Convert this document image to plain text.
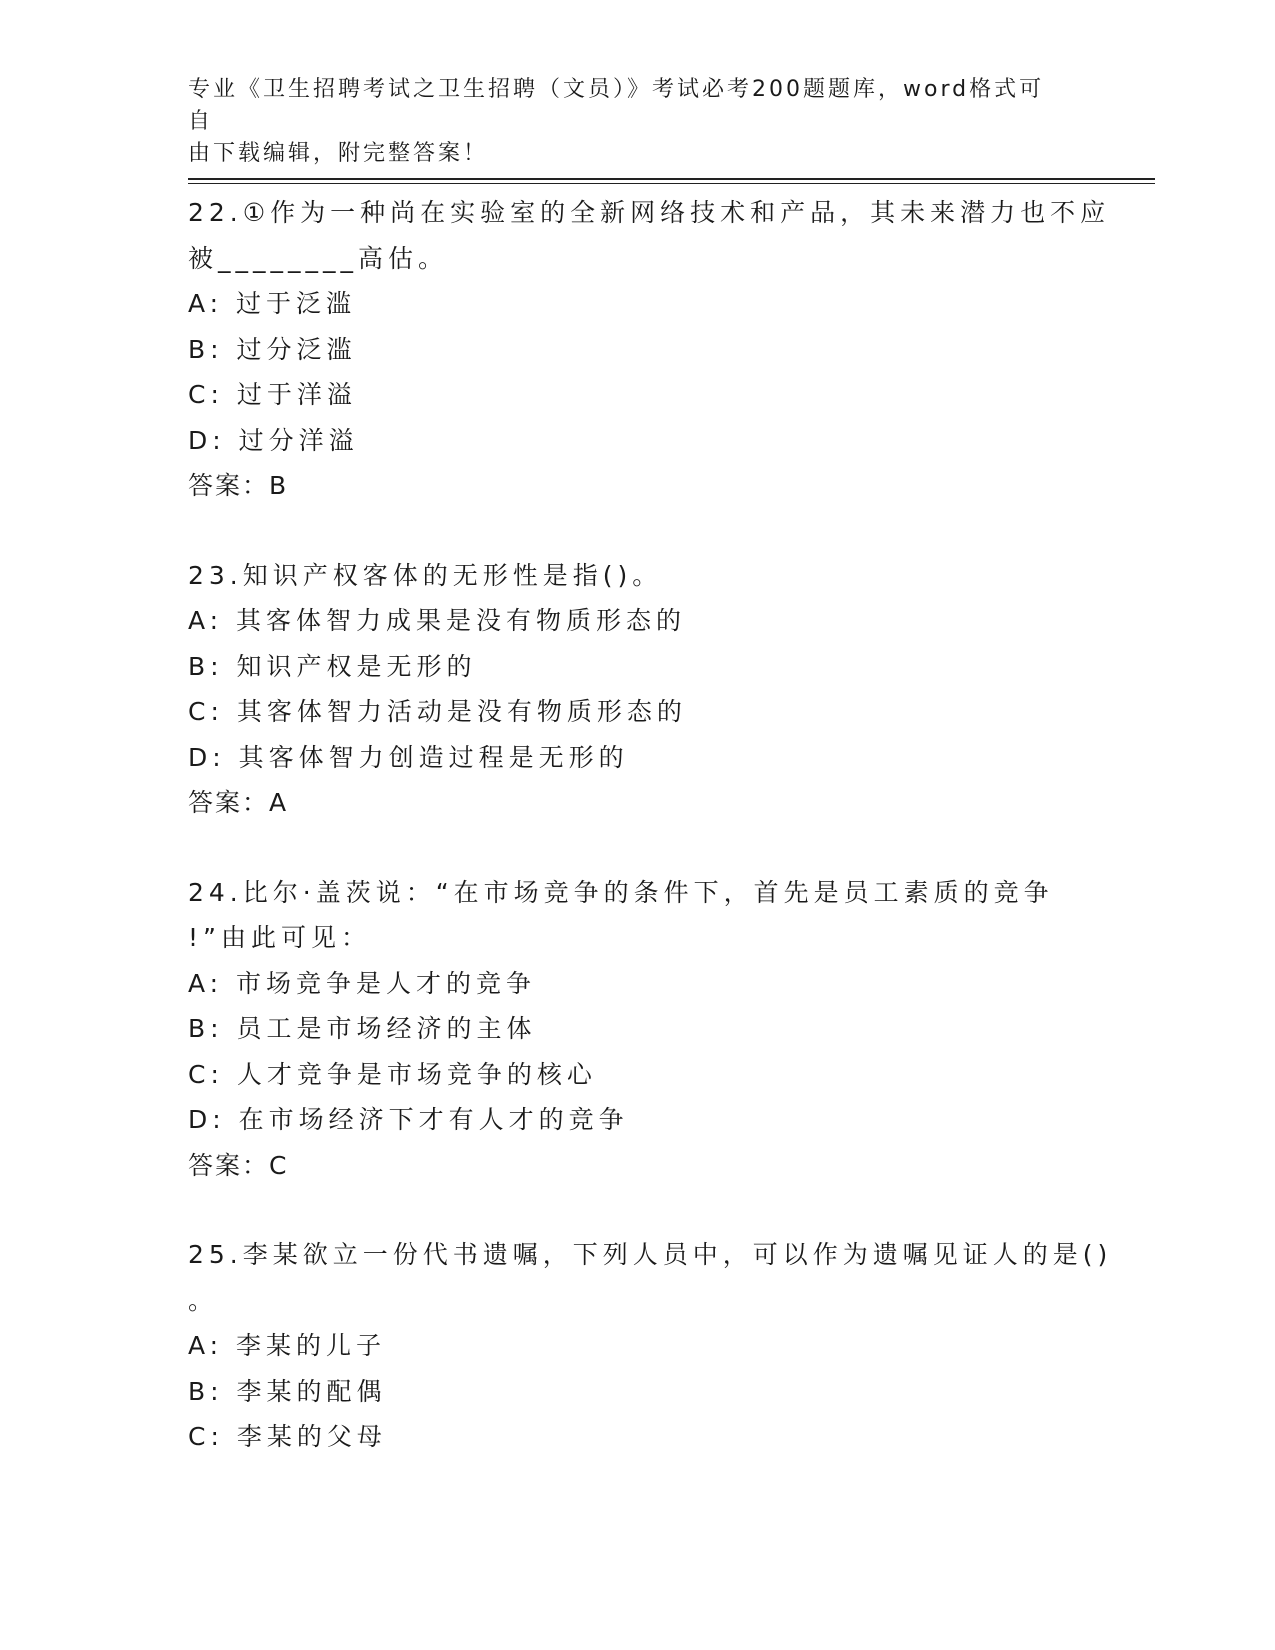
专业《卫生招聘考试之卫生招聘（文员）》考试必考200题题库，word格式可自
由下载编辑，附完整答案！
22.①作为一种尚在实验室的全新网络技术和产品，其未来潜力也不应
被________高估。
A: 过于泛滥
B: 过分泛滥
C: 过于洋溢
D: 过分洋溢
答案：B
23.知识产权客体的无形性是指()。
A: 其客体智力成果是没有物质形态的
B: 知识产权是无形的
C: 其客体智力活动是没有物质形态的
D: 其客体智力创造过程是无形的
答案：A
24.比尔·盖茨说：“在市场竞争的条件下，首先是员工素质的竞争
!”由此可见：
A: 市场竞争是人才的竞争
B: 员工是市场经济的主体
C: 人才竞争是市场竞争的核心
D: 在市场经济下才有人才的竞争
答案：C
25.李某欲立一份代书遗嘱，下列人员中，可以作为遗嘱见证人的是()
。
A: 李某的儿子
B: 李某的配偶
C: 李某的父母
